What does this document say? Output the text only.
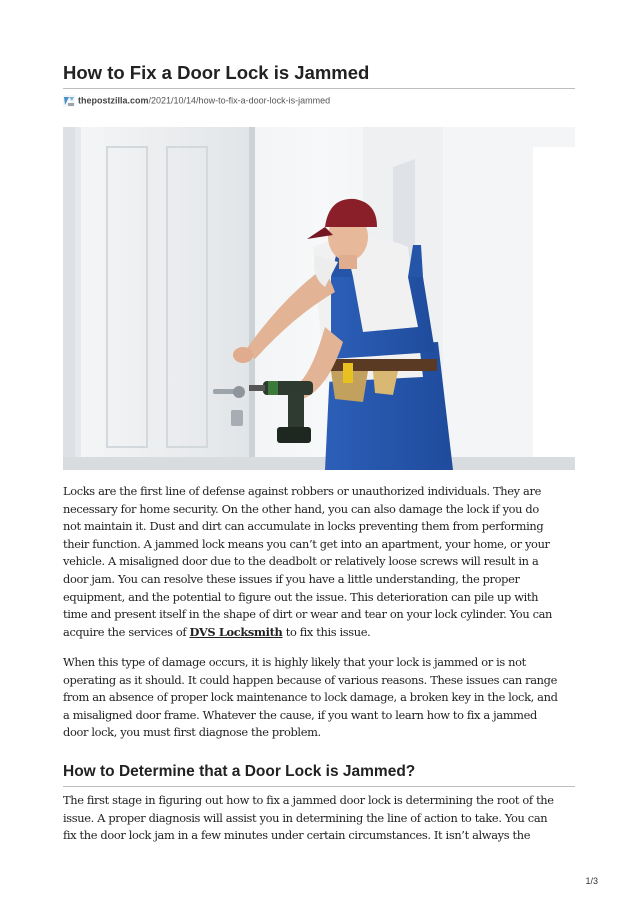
How to Fix a Door Lock is Jammed
thepostzilla.com/2021/10/14/how-to-fix-a-door-lock-is-jammed
Locks are the first line of defense against robbers or unauthorized individuals. They are
necessary for home security. On the other hand, you can also damage the lock if you do
not maintain it. Dust and dirt can accumulate in locks preventing them from performing
their function. A jammed lock means you can’t get into an apartment, your home, or your
vehicle. A misaligned door due to the deadbolt or relatively loose screws will result in a
door jam. You can resolve these issues if you have a little understanding, the proper
equipment, and the potential to figure out the issue. This deterioration can pile up with
time and present itself in the shape of dirt or wear and tear on your lock cylinder. You can
acquire the services of DVS Locksmith to fix this issue.
When this type of damage occurs, it is highly likely that your lock is jammed or is not
operating as it should. It could happen because of various reasons. These issues can range
from an absence of proper lock maintenance to lock damage, a broken key in the lock, and
a misaligned door frame. Whatever the cause, if you want to learn how to fix a jammed
door lock, you must first diagnose the problem.
How to Determine that a Door Lock is Jammed?
The first stage in figuring out how to fix a jammed door lock is determining the root of the
issue. A proper diagnosis will assist you in determining the line of action to take. You can
fix the door lock jam in a few minutes under certain circumstances. It isn’t always the
1/3
